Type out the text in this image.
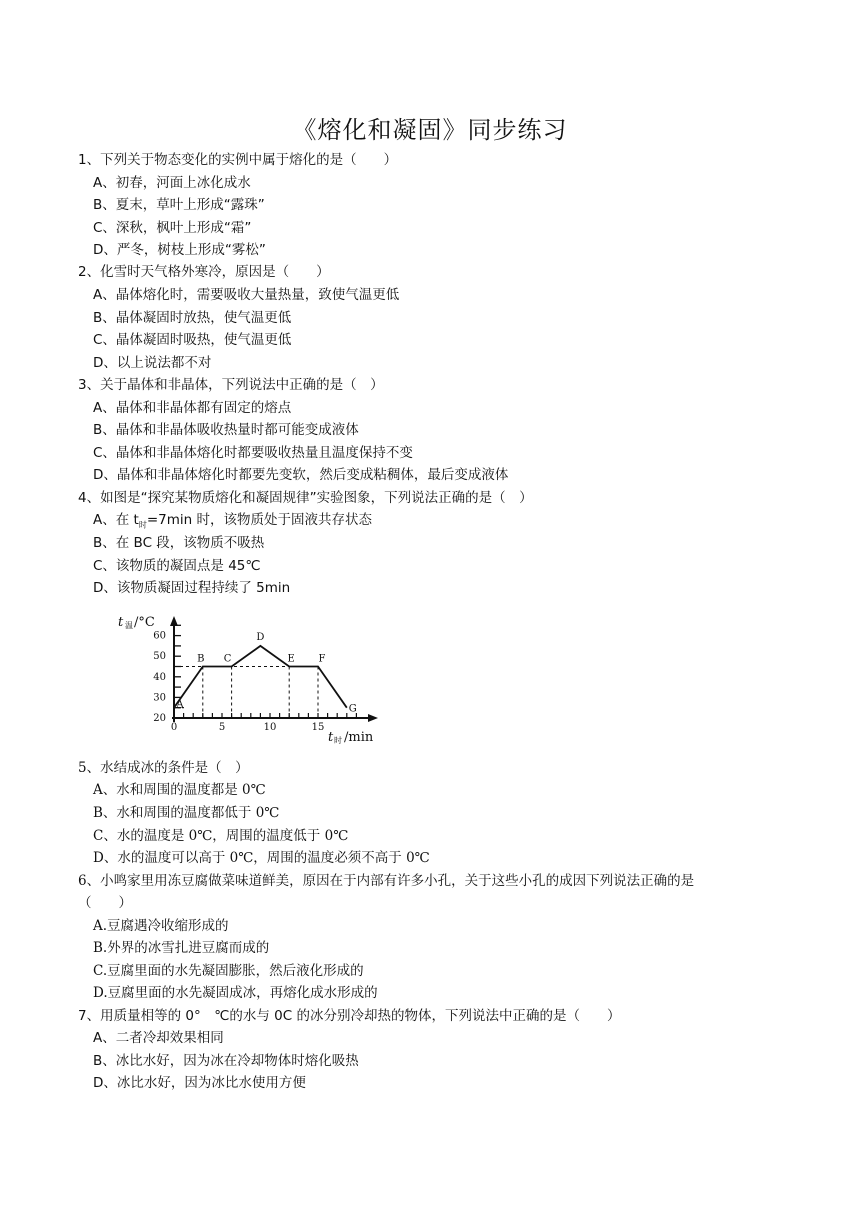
《熔化和凝固》同步练习
1、下列关于物态变化的实例中属于熔化的是（　　）
A、初春，河面上冰化成水
B、夏末，草叶上形成“露珠”
C、深秋，枫叶上形成“霜”
D、严冬，树枝上形成“雾松”
2、化雪时天气格外寒冷，原因是（　　）
A、晶体熔化时，需要吸收大量热量，致使气温更低
B、晶体凝固时放热，使气温更低
C、晶体凝固时吸热，使气温更低
D、以上说法都不对
3、关于晶体和非晶体，下列说法中正确的是（　）
A、晶体和非晶体都有固定的熔点
B、晶体和非晶体吸收热量时都可能变成液体
C、晶体和非晶体熔化时都要吸收热量且温度保持不变
D、晶体和非晶体熔化时都要先变软，然后变成粘稠体，最后变成液体
4、如图是“探究某物质熔化和凝固规律”实验图象，下列说法正确的是（　）
A、在 $t_时=7\min$ 时，该物质处于固液共存状态
B、在 BC 段，该物质不吸热
C、该物质的凝固点是 45℃
D、该物质凝固过程持续了 5min
20
30
40
50
60
0	5	10	15
t 温 /°C
t 时 /min
A
B C
D
E F
G
5、水结成冰的条件是（　）
A、水和周围的温度都是 0℃
B、水和周围的温度都低于 0℃
C、水的温度是 0℃，周围的温度低于 0℃
D、水的温度可以高于 0℃，周围的温度必须不高于 0℃
6、小鸣家里用冻豆腐做菜味道鲜美，原因在于内部有许多小孔，关于这些小孔的成因下列说法正确的是
（　　）
A.豆腐遇冷收缩形成的
B.外界的冰雪扎进豆腐而成的
C.豆腐里面的水先凝固膨胀，然后液化形成的
D.豆腐里面的水先凝固成冰，再熔化成水形成的
7、用质量相等的 0°　℃的水与 0C 的冰分别冷却热的物体，下列说法中正确的是（　　）
A、二者冷却效果相同
B、冰比水好，因为冰在冷却物体时熔化吸热
D、冰比水好，因为冰比水使用方便
